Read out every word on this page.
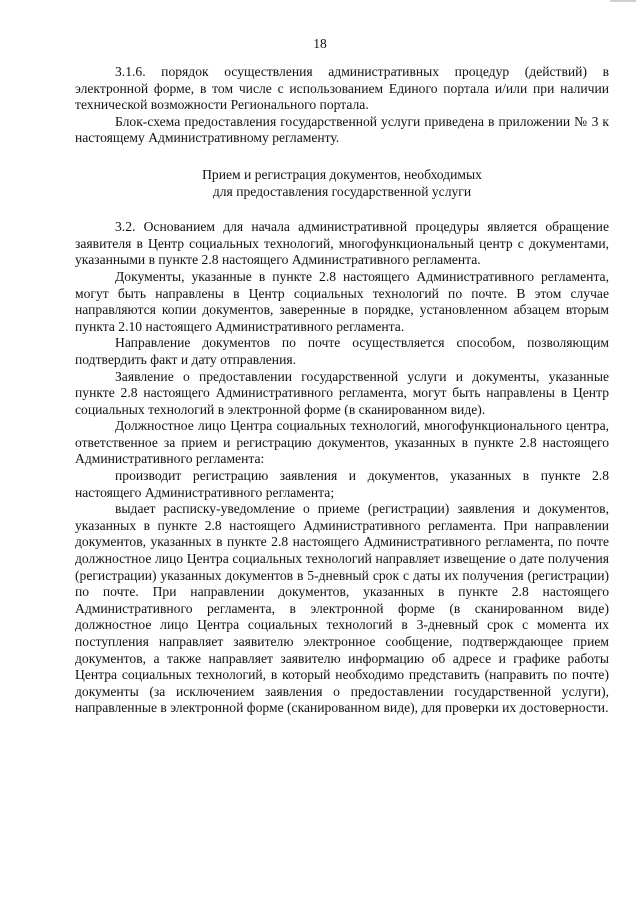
18

3.1.6. порядок осуществления административных процедур (действий) в электронной форме, в том числе с использованием Единого портала и/или при наличии технической возможности Регионального портала.

Блок-схема предоставления государственной услуги приведена в приложении № 3 к настоящему Административному регламенту.

Прием и регистрация документов, необходимых
для предоставления государственной услуги

3.2. Основанием для начала административной процедуры является обращение заявителя в Центр социальных технологий, многофункциональный центр с документами, указанными в пункте 2.8 настоящего Административного регламента.

Документы, указанные в пункте 2.8 настоящего Административного регламента, могут быть направлены в Центр социальных технологий по почте. В этом случае направляются копии документов, заверенные в порядке, установленном абзацем вторым пункта 2.10 настоящего Административного регламента.

Направление документов по почте осуществляется способом, позволяющим подтвердить факт и дату отправления.

Заявление о предоставлении государственной услуги и документы, указанные пункте 2.8 настоящего Административного регламента, могут быть направлены в Центр социальных технологий в электронной форме (в сканированном виде).

Должностное лицо Центра социальных технологий, многофункционального центра, ответственное за прием и регистрацию документов, указанных в пункте 2.8 настоящего Административного регламента:

производит регистрацию заявления и документов, указанных в пункте 2.8 настоящего Административного регламента;

выдает расписку-уведомление о приеме (регистрации) заявления и документов, указанных в пункте 2.8 настоящего Административного регламента. При направлении документов, указанных в пункте 2.8 настоящего Административного регламента, по почте должностное лицо Центра социальных технологий направляет извещение о дате получения (регистрации) указанных документов в 5-дневный срок с даты их получения (регистрации) по почте. При направлении документов, указанных в пункте 2.8 настоящего Административного регламента, в электронной форме (в сканированном виде) должностное лицо Центра социальных технологий в 3-дневный срок с момента их поступления направляет заявителю электронное сообщение, подтверждающее прием документов, а также направляет заявителю информацию об адресе и графике работы Центра социальных технологий, в который необходимо представить (направить по почте) документы (за исключением заявления о предоставлении государственной услуги), направленные в электронной форме (сканированном виде), для проверки их достоверности.
